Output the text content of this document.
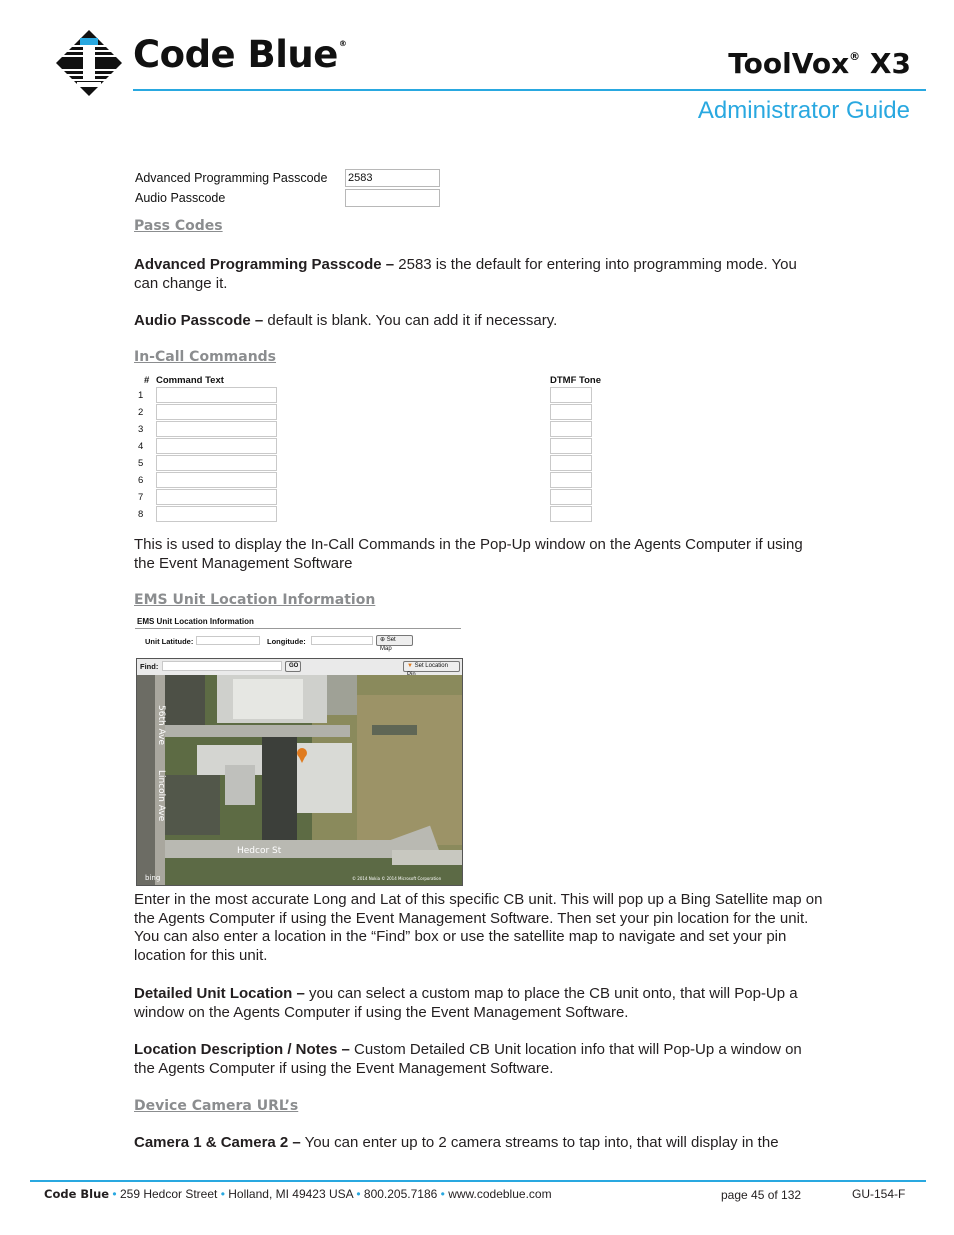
Code Blue®
ToolVox® X3
Administrator Guide
Advanced Programming Passcode 2583
Audio Passcode
Pass Codes
Advanced Programming Passcode – 2583 is the default for entering into programming mode. You can change it.
Audio Passcode – default is blank. You can add it if necessary.
In-Call Commands
# Command Text	DTMF Tone
1
2
3
4
5
6
7
8
This is used to display the In-Call Commands in the Pop-Up window on the Agents Computer if using the Event Management Software
EMS Unit Location Information
EMS Unit Location Information
Unit Latitude:	Longitude:	⊕ Set Map
Find:	GO	▼ Set Location
56th Ave
Lincoln Ave
Hedcor St
bing	© 2014 Nokia © 2014 Microsoft Corporation
Enter in the most accurate Long and Lat of this specific CB unit. This will pop up a Bing Satellite map on the Agents Computer if using the Event Management Software. Then set your pin location for the unit. You can also enter a location in the “Find” box or use the satellite map to navigate and set your pin location for this unit.
Detailed Unit Location – you can select a custom map to place the CB unit onto, that will Pop-Up a window on the Agents Computer if using the Event Management Software.
Location Description / Notes – Custom Detailed CB Unit location info that will Pop-Up a window on the Agents Computer if using the Event Management Software.
Device Camera URL’s
Camera 1 & Camera 2 – You can enter up to 2 camera streams to tap into, that will display in the
Code Blue • 259 Hedcor Street • Holland, MI 49423 USA • 800.205.7186 • www.codeblue.com	page 45 of 132	GU-154-F
